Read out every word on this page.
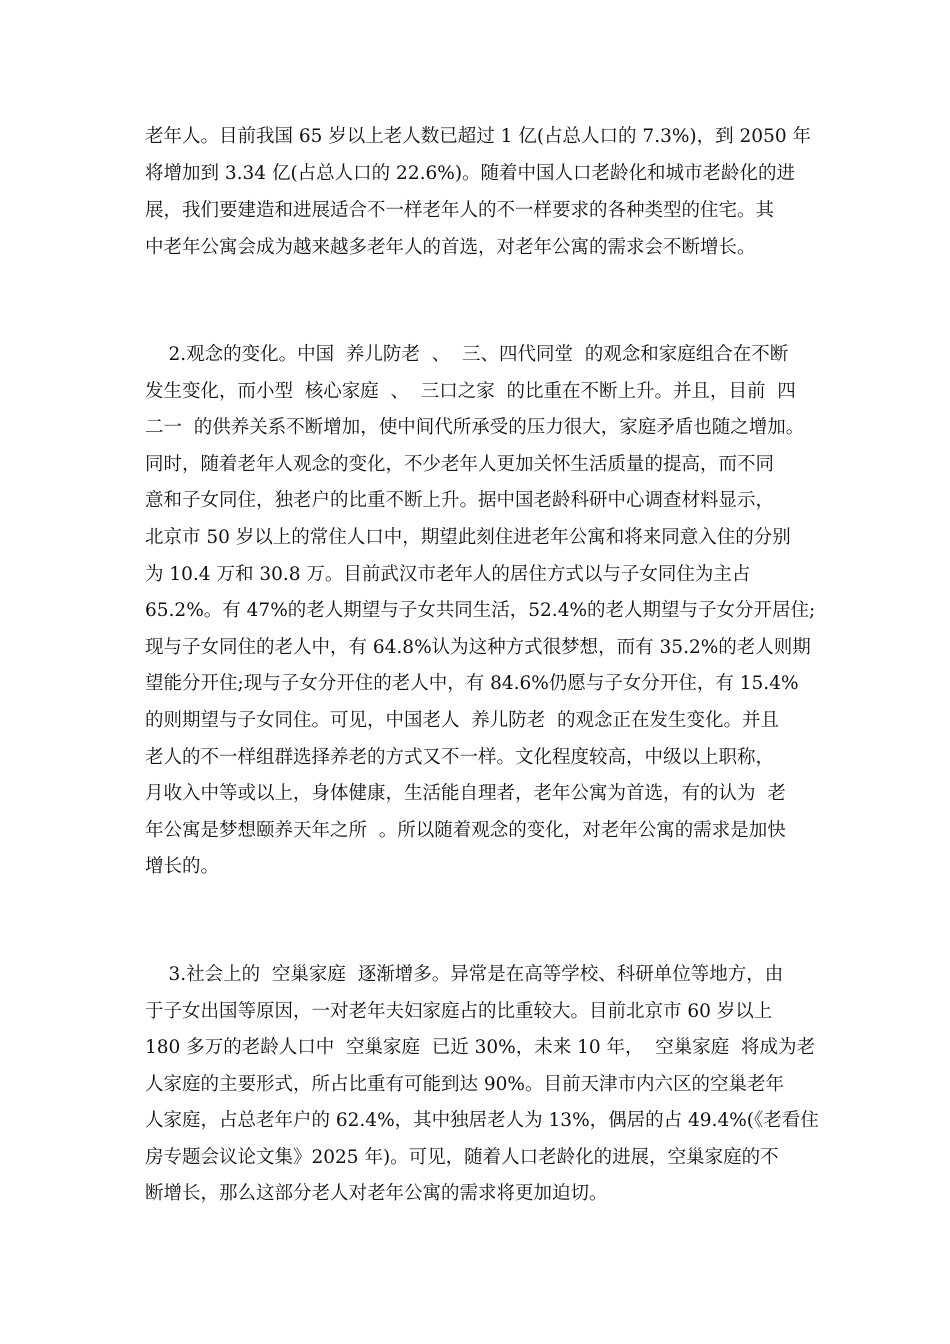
老年人。目前我国 65 岁以上老人数已超过 1 亿(占总人口的 7.3%)，到 2050 年
将增加到 3.34 亿(占总人口的 22.6%)。随着中国人口老龄化和城市老龄化的进
展，我们要建造和进展适合不一样老年人的不一样要求的各种类型的住宅。其
中老年公寓会成为越来越多老年人的首选，对老年公寓的需求会不断增长。
2.观念的变化。中国  养儿防老  、  三、四代同堂  的观念和家庭组合在不断
发生变化，而小型  核心家庭  、  三口之家  的比重在不断上升。并且，目前  四
二一  的供养关系不断增加，使中间代所承受的压力很大，家庭矛盾也随之增加。
同时，随着老年人观念的变化，不少老年人更加关怀生活质量的提高，而不同
意和子女同住，独老户的比重不断上升。据中国老龄科研中心调查材料显示，
北京市 50 岁以上的常住人口中，期望此刻住进老年公寓和将来同意入住的分别
为 10.4 万和 30.8 万。目前武汉市老年人的居住方式以与子女同住为主占
65.2%。有 47%的老人期望与子女共同生活，52.4%的老人期望与子女分开居住;
现与子女同住的老人中，有 64.8%认为这种方式很梦想，而有 35.2%的老人则期
望能分开住;现与子女分开住的老人中，有 84.6%仍愿与子女分开住，有 15.4%
的则期望与子女同住。可见，中国老人  养儿防老  的观念正在发生变化。并且
老人的不一样组群选择养老的方式又不一样。文化程度较高，中级以上职称，
月收入中等或以上，身体健康，生活能自理者，老年公寓为首选，有的认为  老
年公寓是梦想颐养天年之所  。所以随着观念的变化，对老年公寓的需求是加快
增长的。
3.社会上的  空巢家庭  逐渐增多。异常是在高等学校、科研单位等地方，由
于子女出国等原因，一对老年夫妇家庭占的比重较大。目前北京市 60 岁以上
180 多万的老龄人口中  空巢家庭  已近 30%，未来 10 年，  空巢家庭  将成为老
人家庭的主要形式，所占比重有可能到达 90%。目前天津市内六区的空巢老年
人家庭，占总老年户的 62.4%，其中独居老人为 13%，偶居的占 49.4%(《老看住
房专题会议论文集》2025 年)。可见，随着人口老龄化的进展，空巢家庭的不
断增长，那么这部分老人对老年公寓的需求将更加迫切。
